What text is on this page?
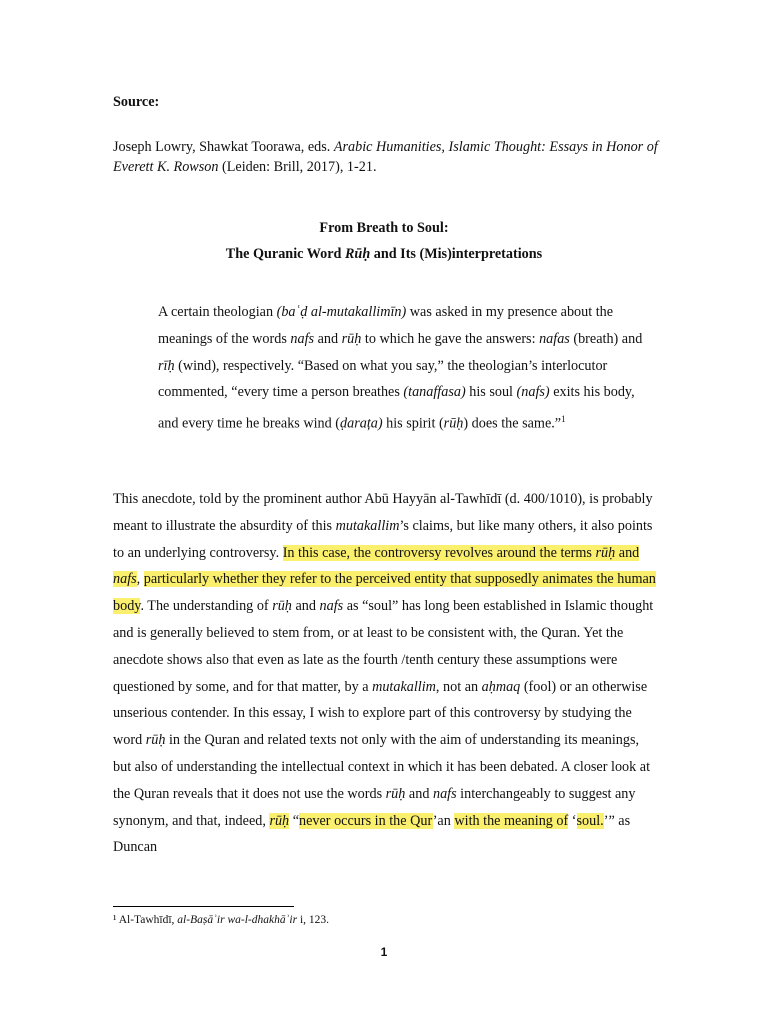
Source:
Joseph Lowry, Shawkat Toorawa, eds. Arabic Humanities, Islamic Thought: Essays in Honor of Everett K. Rowson (Leiden: Brill, 2017), 1-21.
From Breath to Soul:
The Quranic Word Rūḥ and Its (Mis)interpretations
A certain theologian (baʿḍ al-mutakallimīn) was asked in my presence about the meanings of the words nafs and rūḥ to which he gave the answers: nafas (breath) and rīḥ (wind), respectively. “Based on what you say,” the theologian’s interlocutor commented, “every time a person breathes (tanaffasa) his soul (nafs) exits his body, and every time he breaks wind (ḍarața) his spirit (rūḥ) does the same.”$^1$
This anecdote, told by the prominent author Abū Hayyān al-Tawhīdī (d. 400/1010), is probably meant to illustrate the absurdity of this mutakallim’s claims, but like many others, it also points to an underlying controversy. In this case, the controversy revolves around the terms rūḥ and nafs, particularly whether they refer to the perceived entity that supposedly animates the human body. The understanding of rūḥ and nafs as “soul” has long been established in Islamic thought and is generally believed to stem from, or at least to be consistent with, the Quran. Yet the anecdote shows also that even as late as the fourth /tenth century these assumptions were questioned by some, and for that matter, by a mutakallim, not an aḥmaq (fool) or an otherwise unserious contender. In this essay, I wish to explore part of this controversy by studying the word rūḥ in the Quran and related texts not only with the aim of understanding its meanings, but also of understanding the intellectual context in which it has been debated. A closer look at the Quran reveals that it does not use the words rūḥ and nafs interchangeably to suggest any synonym, and that, indeed, rūḥ “never occurs in the Qur’an with the meaning of ‘soul.’” as Duncan
¹ Al-Tawhīdī, al-Baṣāʾir wa-l-dhakhāʾir i, 123.
1
